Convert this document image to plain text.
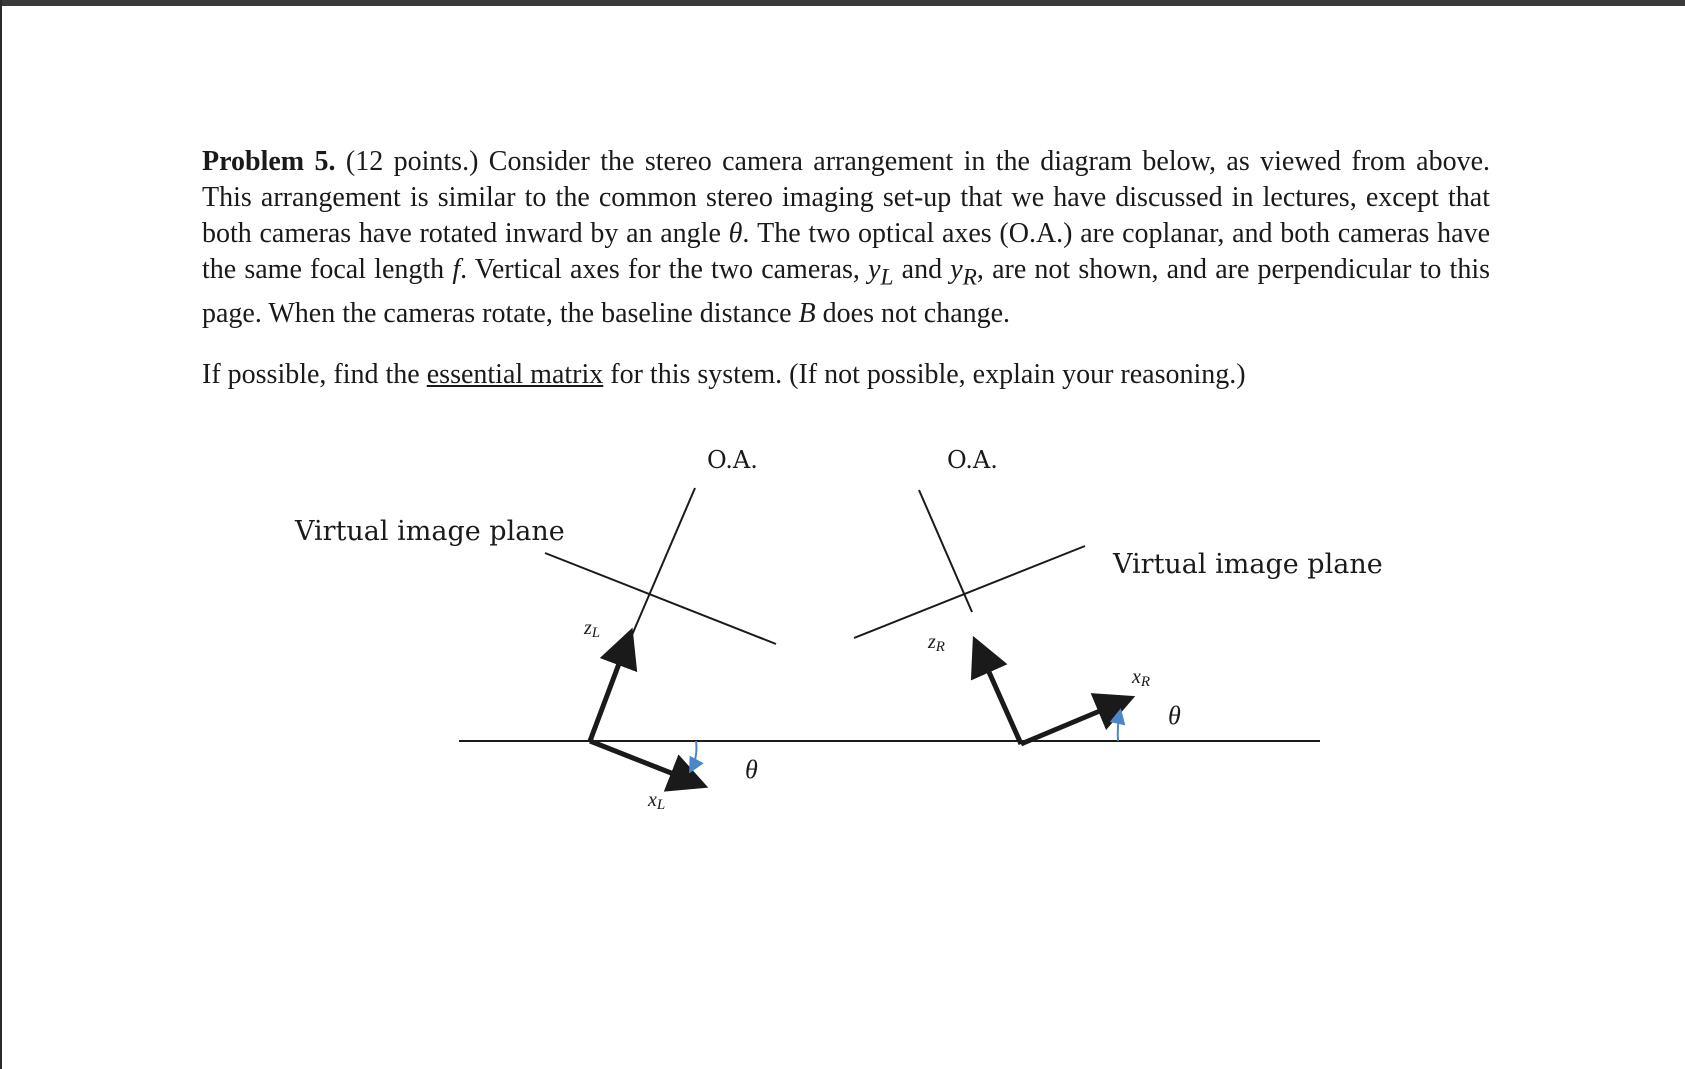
Problem 5. (12 points.) Consider the stereo camera arrangement in the diagram below, as viewed from above. This arrangement is similar to the common stereo imaging set-up that we have discussed in lectures, except that both cameras have rotated inward by an angle θ. The two optical axes (O.A.) are coplanar, and both cameras have the same focal length f. Vertical axes for the two cameras, $y_L$ and $y_R$, are not shown, and are perpendicular to this page. When the cameras rotate, the baseline distance B does not change.

If possible, find the essential matrix for this system. (If not possible, explain your reasoning.)

O.A.	O.A.
Virtual image plane
Virtual image plane
zL	zR
xL
xR
θ
θ
